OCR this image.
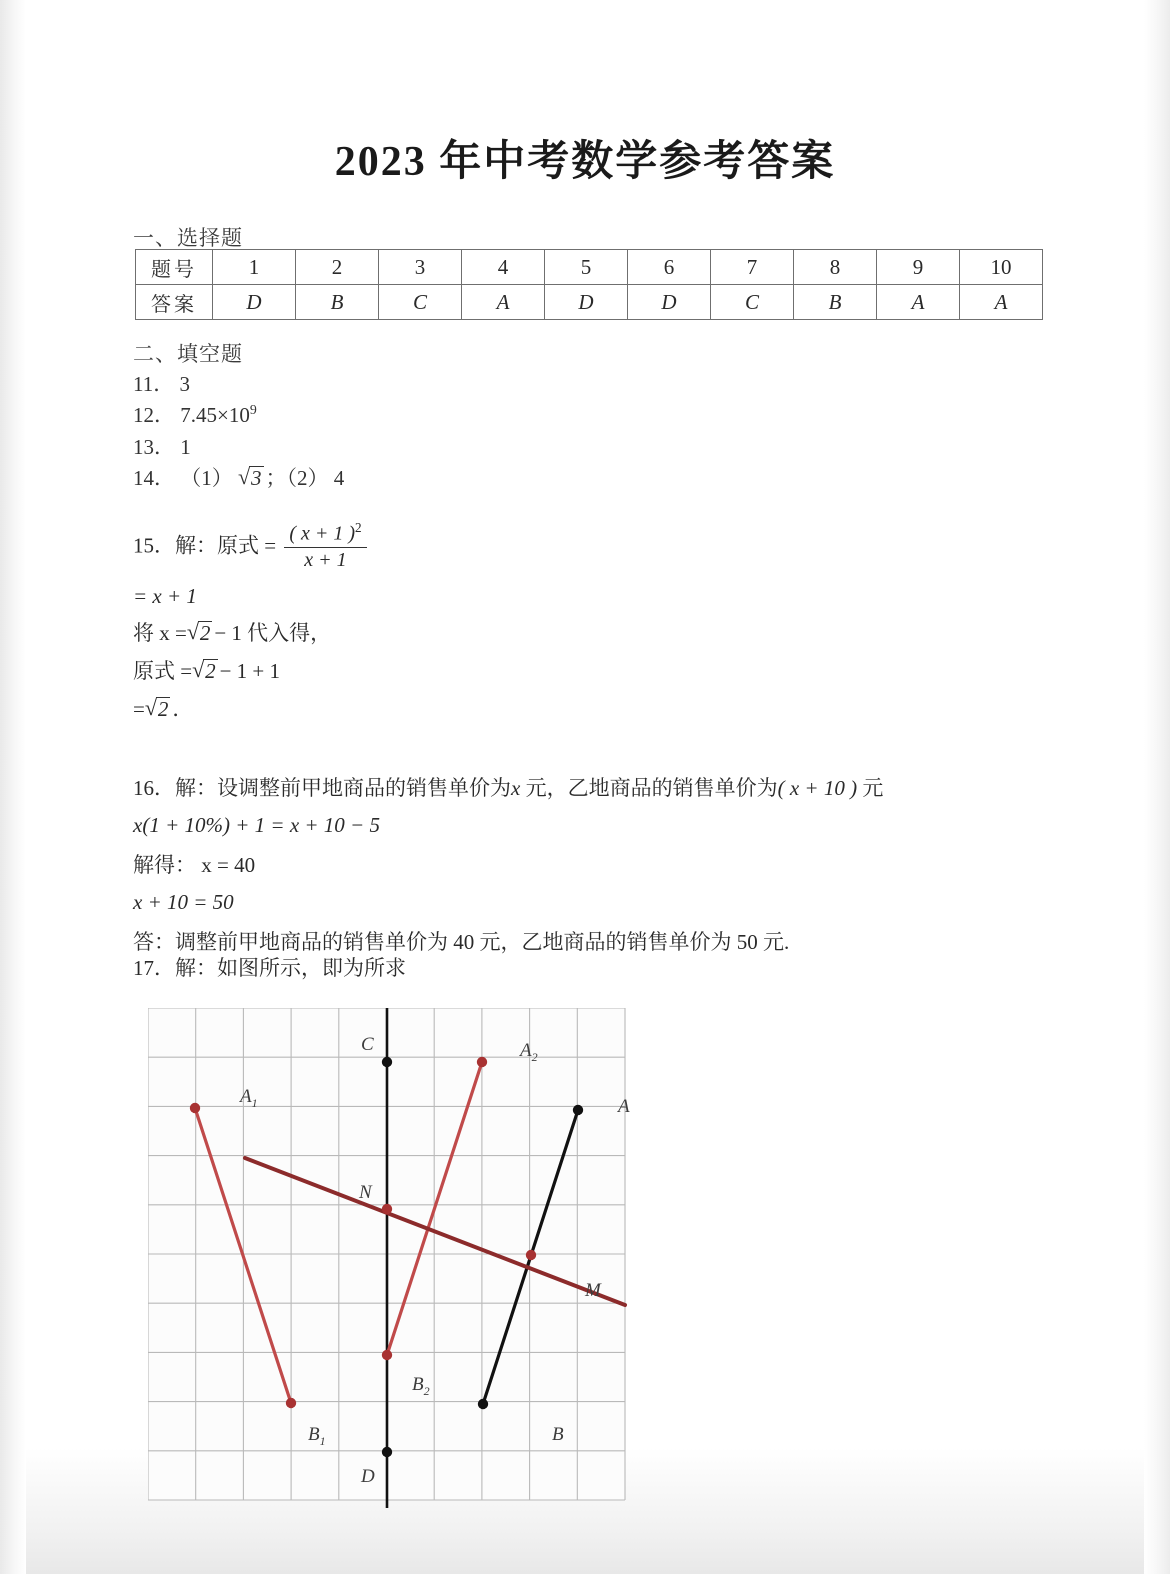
2023 年中考数学参考答案
一、选择题
题号	1	2	3	4	5	6	7	8	9	10
答案	D	B	C	A	D	D	C	B	A	A
二、填空题
11． 3
12． $7.45\times 10^9$
13． 1
14． （1） √ 3 ；（2） 4
15．解：原式 = $\frac{( x + 1 )^2}{x + 1}$
= x + 1
将 x = √ 2 − 1 代入得，
原式 = √ 2 − 1 + 1
= √ 2 ．
16．解：设调整前甲地商品的销售单价为x 元，乙地商品的销售单价为( x + 10 ) 元
x(1 + 10%) + 1 = x + 10 − 5
解得： x = 40
x + 10 = 50
答：调整前甲地商品的销售单价为 40 元，乙地商品的销售单价为 50 元.
17．解：如图所示，即为所求
A
B
C
D
$A_1$
$B_1$
$A_2$
$B_2$
M
N
